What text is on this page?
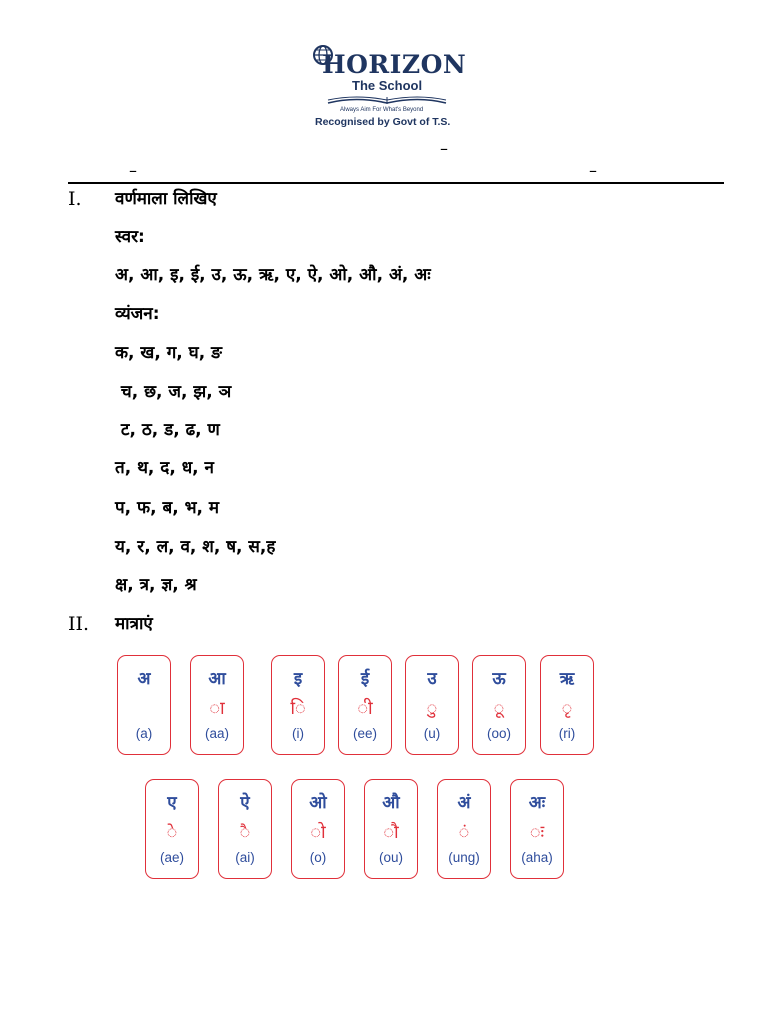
HORIZON
The School
Always Aim For What's Beyond
Recognised by Govt of T.S.
–
–	–
I. वर्णमाला लिखिए
स्वर:
अ, आ, इ, ई, उ, ऊ, ऋ, ए, ऐ, ओ, औ, अं, अः
व्यंजन:
क, ख, ग, घ, ङ
च, छ, ज, झ, ञ
ट, ठ, ड, ढ, ण
त, थ, द, ध, न
प, फ, ब, भ, म
य, र, ल, व, श, ष, स,ह
क्ष, त्र, ज्ञ, श्र
II. मात्राएं
अ
(a)
आ
ा
(aa)
इ
ि
(i)
ई
ी
(ee)
उ
ु
(u)
ऊ
ू
(oo)
ऋ
ृ
(ri)
ए
े
(ae)
ऐ
ै
(ai)
ओ
ो
(o)
औ
ौ
(ou)
अं
ं
(ung)
अः
ः
(aha)
